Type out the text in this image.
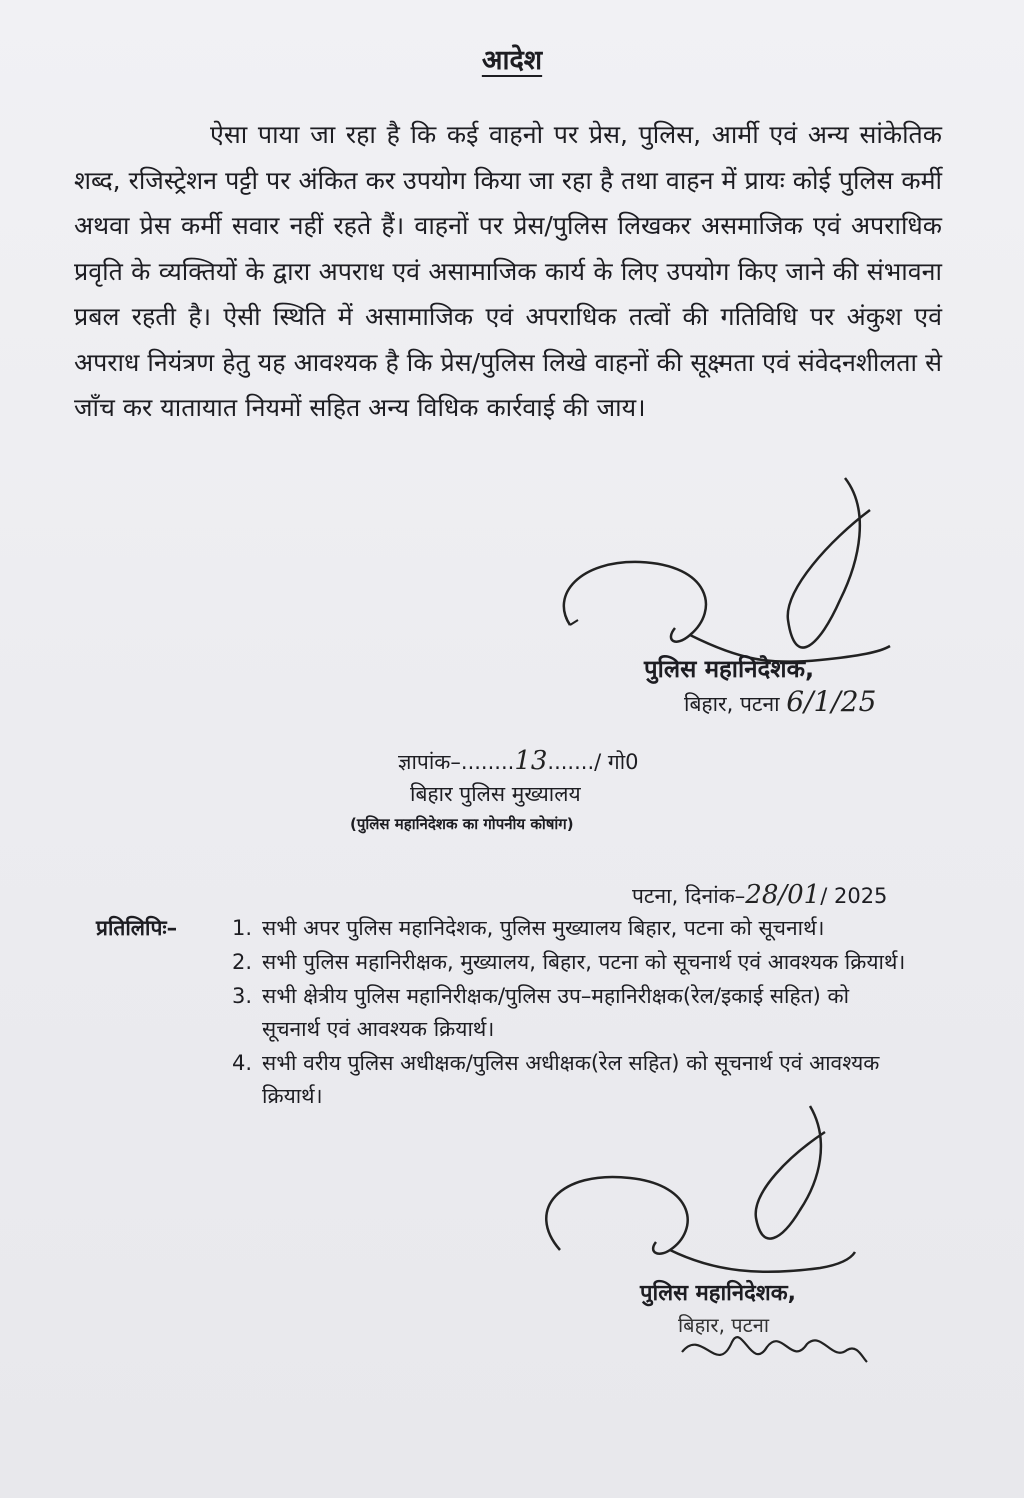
आदेश

ऐसा पाया जा रहा है कि कई वाहनो पर प्रेस, पुलिस, आर्मी एवं अन्य सांकेतिक शब्द, रजिस्ट्रेशन पट्टी पर अंकित कर उपयोग किया जा रहा है तथा वाहन में प्रायः कोई पुलिस कर्मी अथवा प्रेस कर्मी सवार नहीं रहते हैं। वाहनों पर प्रेस/पुलिस लिखकर असमाजिक एवं अपराधिक प्रवृति के व्यक्तियों के द्वारा अपराध एवं असामाजिक कार्य के लिए उपयोग किए जाने की संभावना प्रबल रहती है। ऐसी स्थिति में असामाजिक एवं अपराधिक तत्वों की गतिविधि पर अंकुश एवं अपराध नियंत्रण हेतु यह आवश्यक है कि प्रेस/पुलिस लिखे वाहनों की सूक्ष्मता एवं संवेदनशीलता से जाँच कर यातायात नियमों सहित अन्य विधिक कार्रवाई की जाय।

पुलिस महानिदेशक,
बिहार, पटना 6/1/25
ज्ञापांक–........13......./ गो0
बिहार पुलिस मुख्यालय
(पुलिस महानिदेशक का गोपनीय कोषांग)
पटना, दिनांक–28/01/ 2025
प्रतिलिपिः–	1. सभी अपर पुलिस महानिदेशक, पुलिस मुख्यालय बिहार, पटना को सूचनार्थ।
2. सभी पुलिस महानिरीक्षक, मुख्यालय, बिहार, पटना को सूचनार्थ एवं आवश्यक क्रियार्थ।
3. सभी क्षेत्रीय पुलिस महानिरीक्षक/पुलिस उप–महानिरीक्षक(रेल/इकाई सहित) को सूचनार्थ एवं आवश्यक क्रियार्थ।
4. सभी वरीय पुलिस अधीक्षक/पुलिस अधीक्षक(रेल सहित) को सूचनार्थ एवं आवश्यक क्रियार्थ।
पुलिस महानिदेशक,
बिहार, पटना
